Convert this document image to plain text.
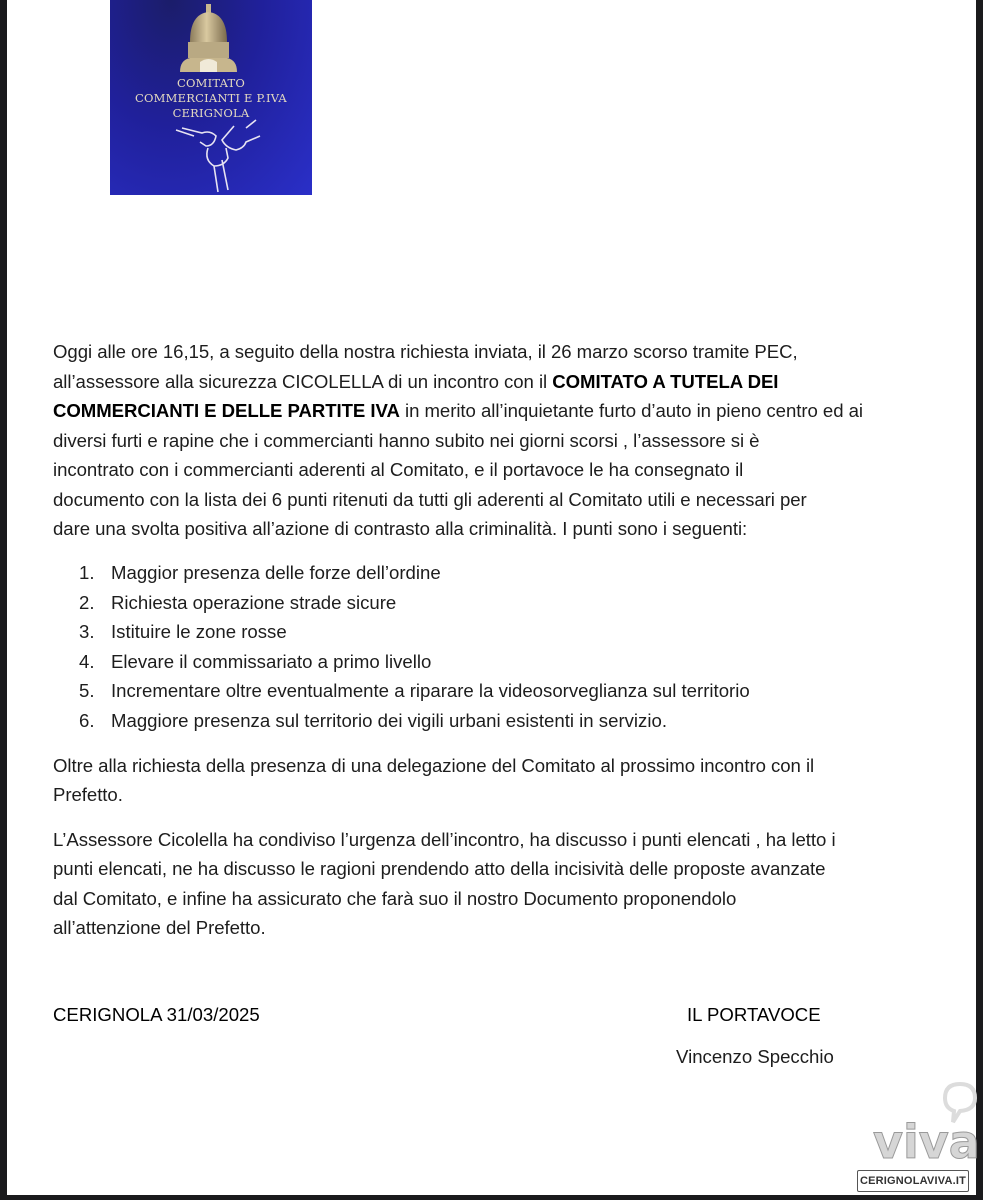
COMITATO
COMMERCIANTI E P.IVA
CERIGNOLA
Oggi alle ore 16,15, a seguito della nostra richiesta inviata, il 26 marzo scorso tramite PEC,
all’assessore alla sicurezza CICOLELLA di un incontro con il COMITATO A TUTELA DEI
COMMERCIANTI E DELLE PARTITE IVA in merito all’inquietante furto d’auto in pieno centro ed ai
diversi furti e rapine che i commercianti hanno subito nei giorni scorsi , l’assessore si è
incontrato con i commercianti aderenti al Comitato, e il portavoce le ha consegnato il
documento con la lista dei 6 punti ritenuti da tutti gli aderenti al Comitato utili e necessari per
dare una svolta positiva all’azione di contrasto alla criminalità. I punti sono i seguenti:
1. Maggior presenza delle forze dell’ordine
2. Richiesta operazione strade sicure
3. Istituire le zone rosse
4. Elevare il commissariato a primo livello
5. Incrementare oltre eventualmente a riparare la videosorveglianza sul territorio
6. Maggiore presenza sul territorio dei vigili urbani esistenti in servizio.
Oltre alla richiesta della presenza di una delegazione del Comitato al prossimo incontro con il
Prefetto.
L’Assessore Cicolella ha condiviso l’urgenza dell’incontro, ha discusso i punti elencati , ha letto i
punti elencati, ne ha discusso le ragioni prendendo atto della incisività delle proposte avanzate
dal Comitato, e infine ha assicurato che farà suo il nostro Documento proponendolo
all’attenzione del Prefetto.
CERIGNOLA 31/03/2025	IL PORTAVOCE
Vincenzo Specchio
viva
CERIGNOLAVIVA.IT
